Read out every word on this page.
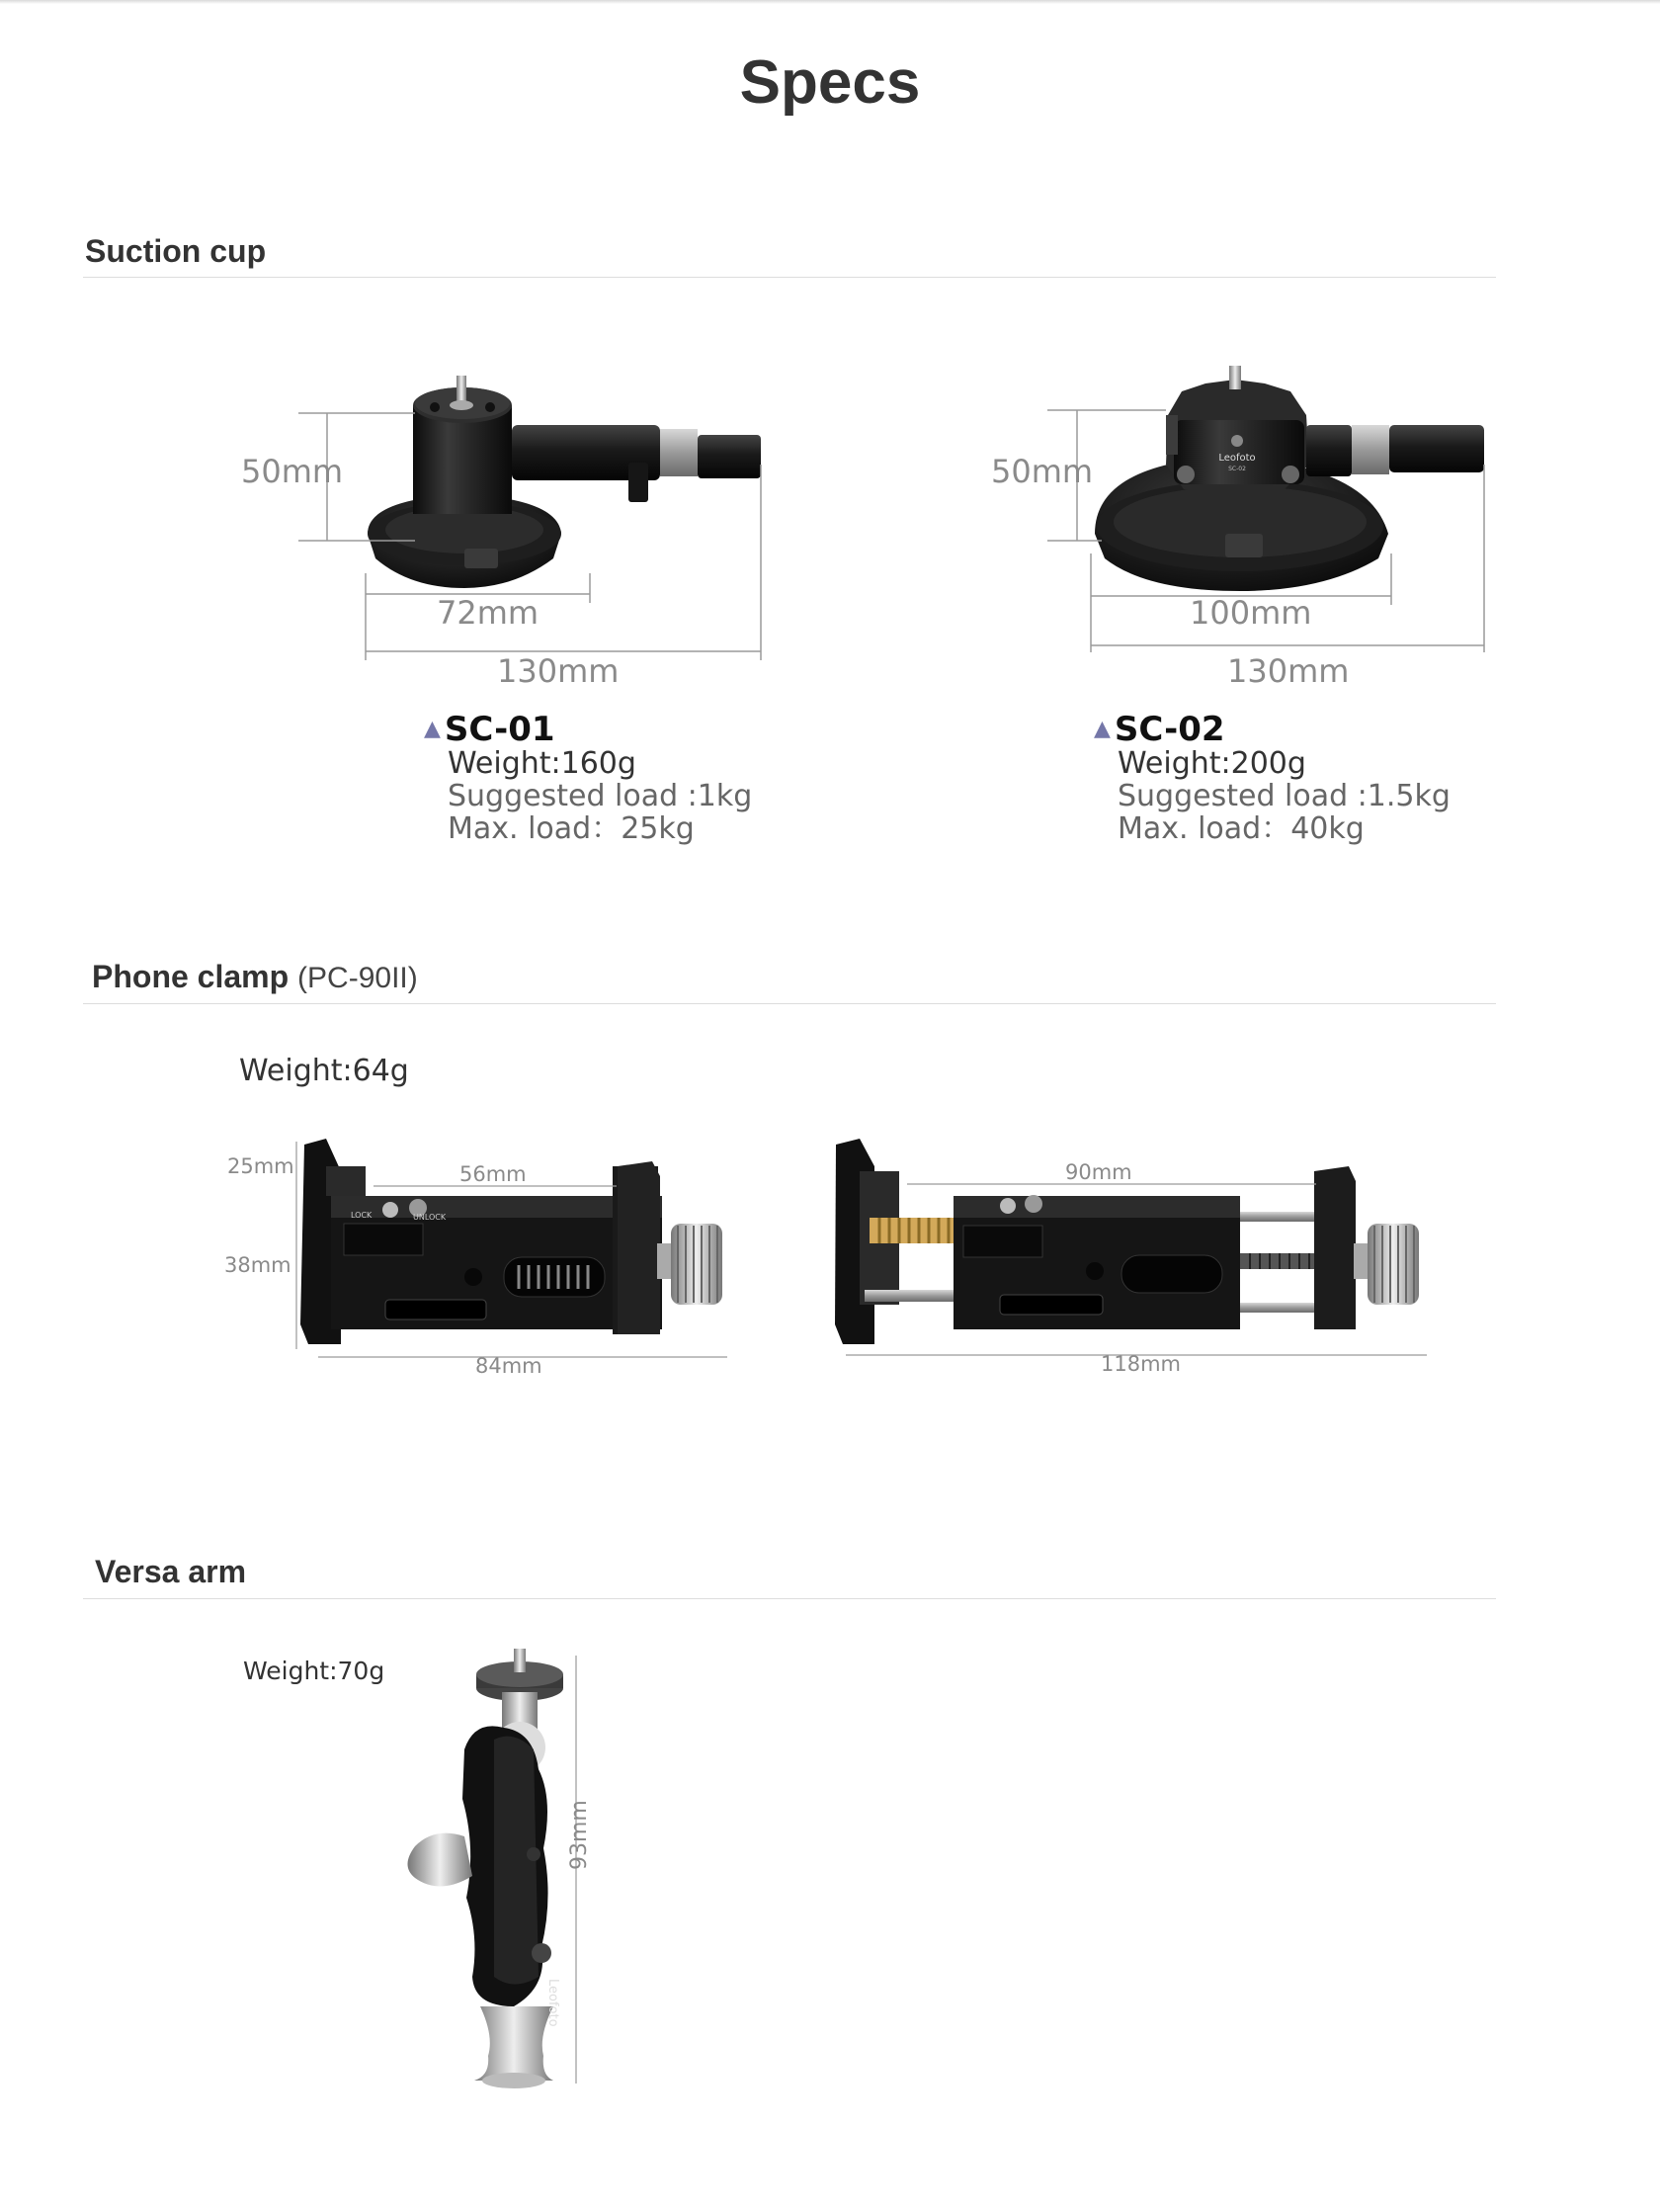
Specs
Suction cup
Leofoto
SC-02
LOCK	UNLOCK
Leofoto
50mm
72mm
130mm
50mm
100mm
130mm
▲ SC-01
Weight:160g
Suggested load :1kg
Max. load：25kg
▲ SC-02
Weight:200g
Suggested load :1.5kg
Max. load：40kg
Phone clamp (PC-90II)
Weight:64g
25mm
38mm
56mm
84mm
90mm
118mm
Versa arm
Weight:70g
93mm
